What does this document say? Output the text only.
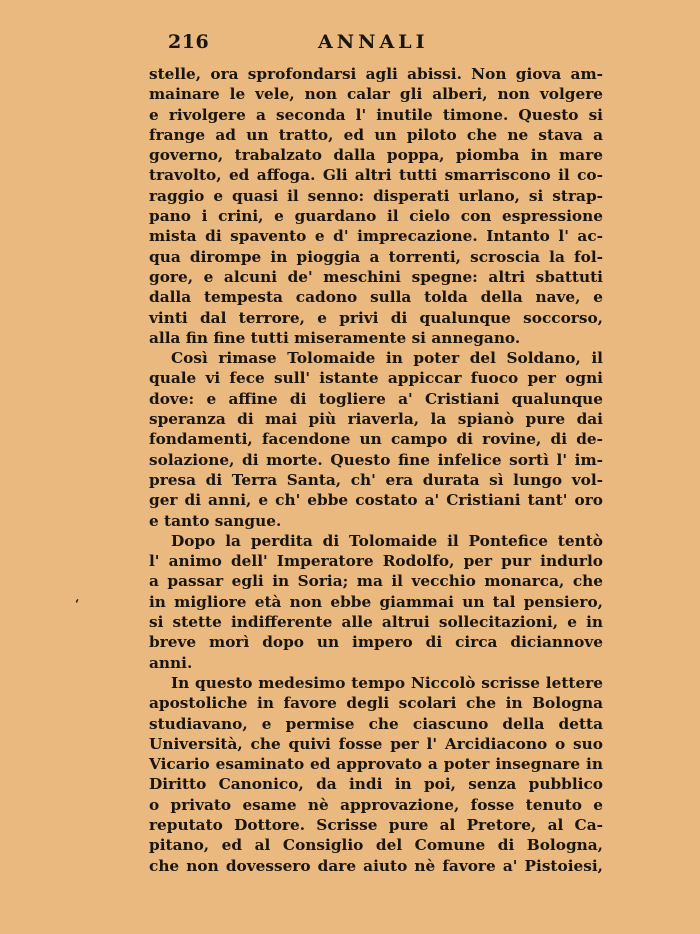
216	ANNALI
‘
stelle, ora sprofondarsi agli abissi. Non giova am-
mainare le vele, non calar gli alberi, non volgere
e rivolgere a seconda l' inutile timone. Questo si
frange ad un tratto, ed un piloto che ne stava a
governo, trabalzato dalla poppa, piomba in mare
travolto, ed affoga. Gli altri tutti smarriscono il co-
raggio e quasi il senno: disperati urlano, si strap-
pano i crini, e guardano il cielo con espressione
mista di spavento e d' imprecazione. Intanto l' ac-
qua dirompe in pioggia a torrenti, scroscia la fol-
gore, e alcuni de' meschini spegne: altri sbattuti
dalla tempesta cadono sulla tolda della nave, e
vinti dal terrore, e privi di qualunque soccorso,
alla fin fine tutti miseramente si annegano.
Così rimase Tolomaide in poter del Soldano, il
quale vi fece sull' istante appiccar fuoco per ogni
dove: e affine di togliere a' Cristiani qualunque
speranza di mai più riaverla, la spianò pure dai
fondamenti, facendone un campo di rovine, di de-
solazione, di morte. Questo fine infelice sortì l' im-
presa di Terra Santa, ch' era durata sì lungo vol-
ger di anni, e ch' ebbe costato a' Cristiani tant' oro
e tanto sangue.
Dopo la perdita di Tolomaide il Pontefice tentò
l' animo dell' Imperatore Rodolfo, per pur indurlo
a passar egli in Soria; ma il vecchio monarca, che
in migliore età non ebbe giammai un tal pensiero,
si stette indifferente alle altrui sollecitazioni, e in
breve morì dopo un impero di circa diciannove
anni.
In questo medesimo tempo Niccolò scrisse lettere
apostoliche in favore degli scolari che in Bologna
studiavano, e permise che ciascuno della detta
Università, che quivi fosse per l' Arcidiacono o suo
Vicario esaminato ed approvato a poter insegnare in
Diritto Canonico, da indi in poi, senza pubblico
o privato esame nè approvazione, fosse tenuto e
reputato Dottore. Scrisse pure al Pretore, al Ca-
pitano, ed al Consiglio del Comune di Bologna,
che non dovessero dare aiuto nè favore a' Pistoiesi,
